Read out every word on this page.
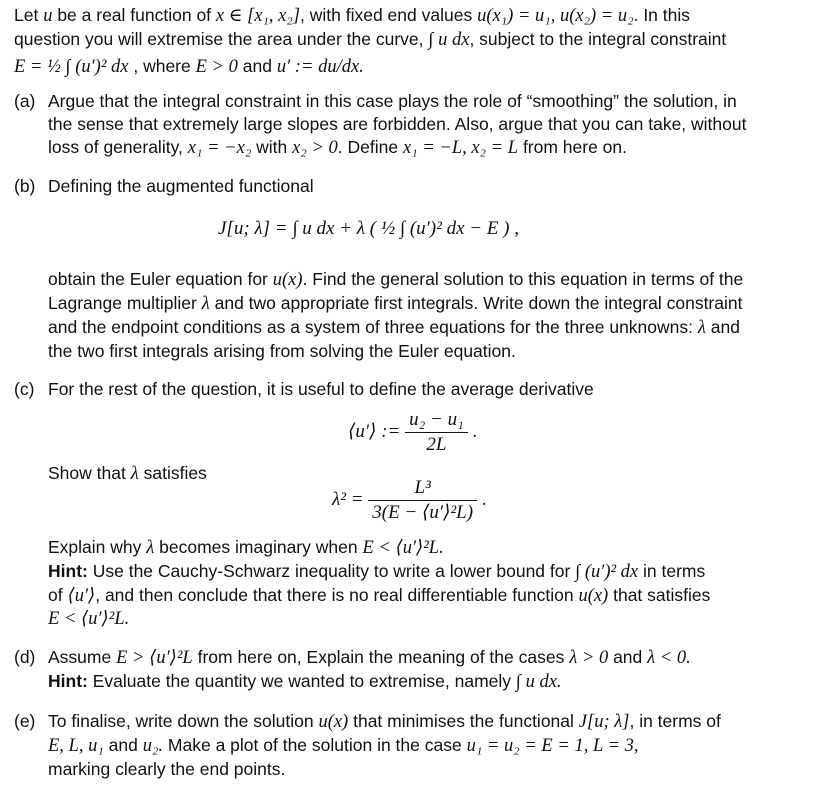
Let u be a real function of x ∈ [x₁, x₂], with fixed end values u(x₁) = u₁, u(x₂) = u₂. In this
question you will extremise the area under the curve, ∫ u dx, subject to the integral constraint
E = ½ ∫ (u′)² dx , where E > 0 and u′ := du/dx.
(a) Argue that the integral constraint in this case plays the role of “smoothing” the solution, in
the sense that extremely large slopes are forbidden. Also, argue that you can take, without
loss of generality, x₁ = −x₂ with x₂ > 0. Define x₁ = −L, x₂ = L from here on.
(b) Defining the augmented functional
J[u; λ] = ∫ u dx + λ ( ½ ∫ (u′)² dx − E ) ,
obtain the Euler equation for u(x). Find the general solution to this equation in terms of the
Lagrange multiplier λ and two appropriate first integrals. Write down the integral constraint
and the endpoint conditions as a system of three equations for the three unknowns: λ and
the two first integrals arising from solving the Euler equation.
(c) For the rest of the question, it is useful to define the average derivative
⟨u′⟩ := $\frac{\text{u₂ − u₁}}{2L}$ .
Show that λ satisfies
$\lambda^2 = \frac{\text{L³}}{\text{3(E − ⟨u′⟩²L)}}$ .
Explain why λ becomes imaginary when E < ⟨u′⟩²L.
Hint: Use the Cauchy-Schwarz inequality to write a lower bound for ∫ (u′)² dx in terms
of ⟨u′⟩, and then conclude that there is no real differentiable function u(x) that satisfies
E < ⟨u′⟩²L.
(d) Assume E > ⟨u′⟩²L from here on, Explain the meaning of the cases λ > 0 and λ < 0.
Hint: Evaluate the quantity we wanted to extremise, namely ∫ u dx.
(e) To finalise, write down the solution u(x) that minimises the functional J[u; λ], in terms of
E, L, u₁ and u₂. Make a plot of the solution in the case u₁ = u₂ = E = 1, L = 3,
marking clearly the end points.
